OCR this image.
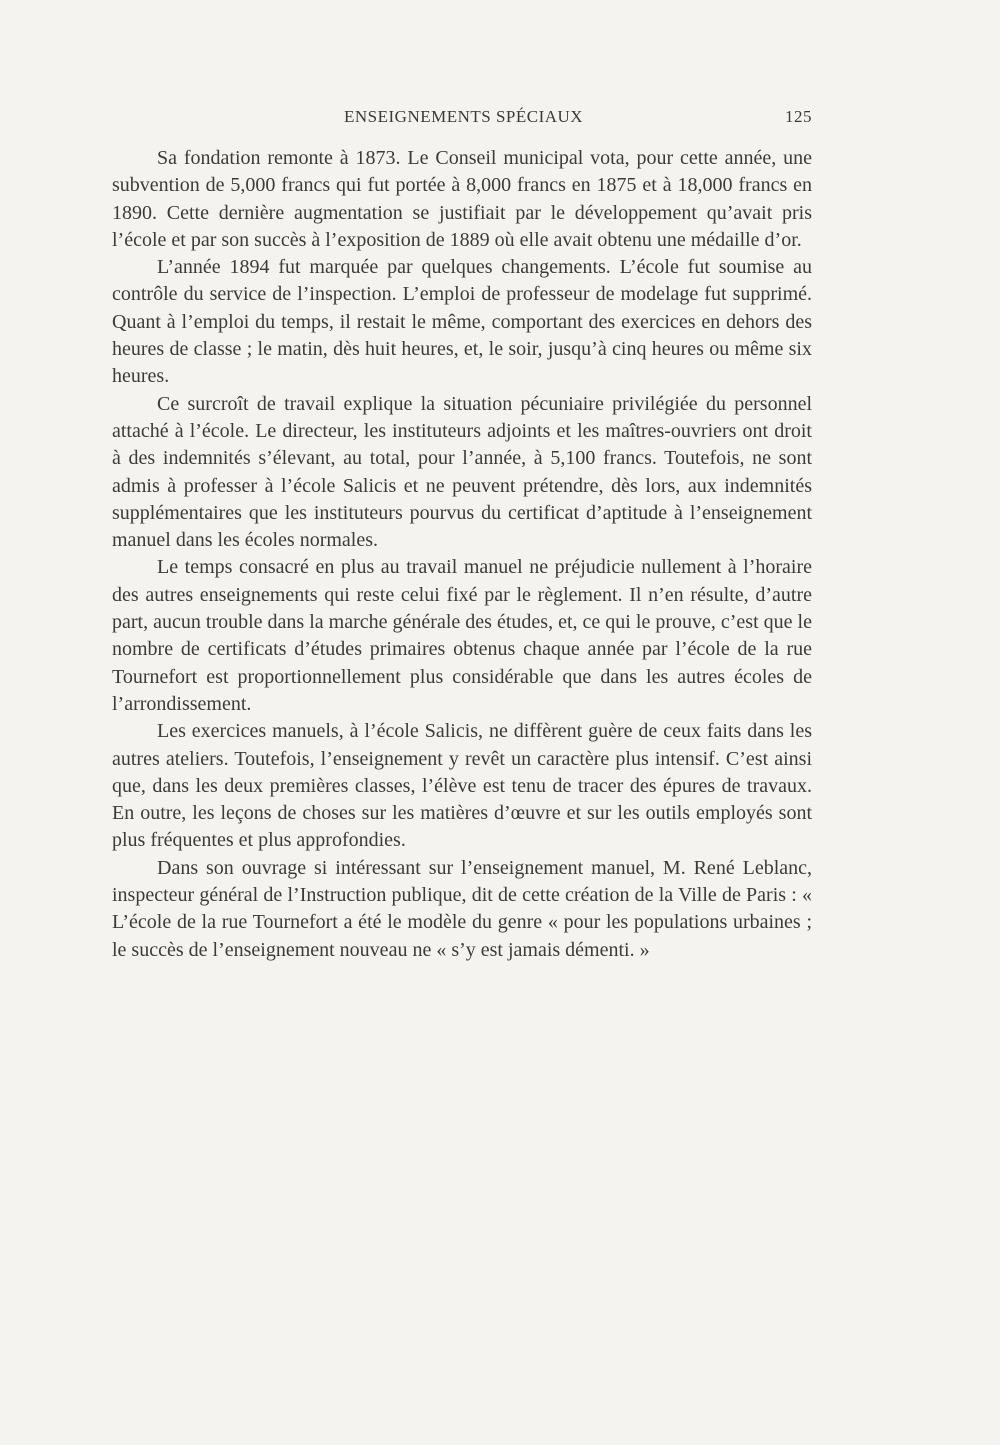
ENSEIGNEMENTS SPÉCIAUX	125

Sa fondation remonte à 1873. Le Conseil municipal vota, pour cette année, une subvention de 5,000 francs qui fut portée à 8,000 francs en 1875 et à 18,000 francs en 1890. Cette dernière augmentation se justifiait par le développement qu’avait pris l’école et par son succès à l’exposition de 1889 où elle avait obtenu une médaille d’or.

L’année 1894 fut marquée par quelques changements. L’école fut soumise au contrôle du service de l’inspection. L’emploi de professeur de modelage fut supprimé. Quant à l’emploi du temps, il restait le même, comportant des exercices en dehors des heures de classe ; le matin, dès huit heures, et, le soir, jusqu’à cinq heures ou même six heures.

Ce surcroît de travail explique la situation pécuniaire privilégiée du personnel attaché à l’école. Le directeur, les instituteurs adjoints et les maîtres-ouvriers ont droit à des indemnités s’élevant, au total, pour l’année, à 5,100 francs. Toutefois, ne sont admis à professer à l’école Salicis et ne peuvent prétendre, dès lors, aux indemnités supplémentaires que les instituteurs pourvus du certificat d’aptitude à l’enseignement manuel dans les écoles normales.

Le temps consacré en plus au travail manuel ne préjudicie nullement à l’horaire des autres enseignements qui reste celui fixé par le règlement. Il n’en résulte, d’autre part, aucun trouble dans la marche générale des études, et, ce qui le prouve, c’est que le nombre de certificats d’études primaires obtenus chaque année par l’école de la rue Tournefort est proportionnellement plus considérable que dans les autres écoles de l’arrondissement.

Les exercices manuels, à l’école Salicis, ne diffèrent guère de ceux faits dans les autres ateliers. Toutefois, l’enseignement y revêt un caractère plus intensif. C’est ainsi que, dans les deux premières classes, l’élève est tenu de tracer des épures de travaux. En outre, les leçons de choses sur les matières d’œuvre et sur les outils employés sont plus fréquentes et plus approfondies.

Dans son ouvrage si intéressant sur l’enseignement manuel, M. René Leblanc, inspecteur général de l’Instruction publique, dit de cette création de la Ville de Paris : « L’école de la rue Tournefort a été le modèle du genre « pour les populations urbaines ; le succès de l’enseignement nouveau ne « s’y est jamais démenti. »
